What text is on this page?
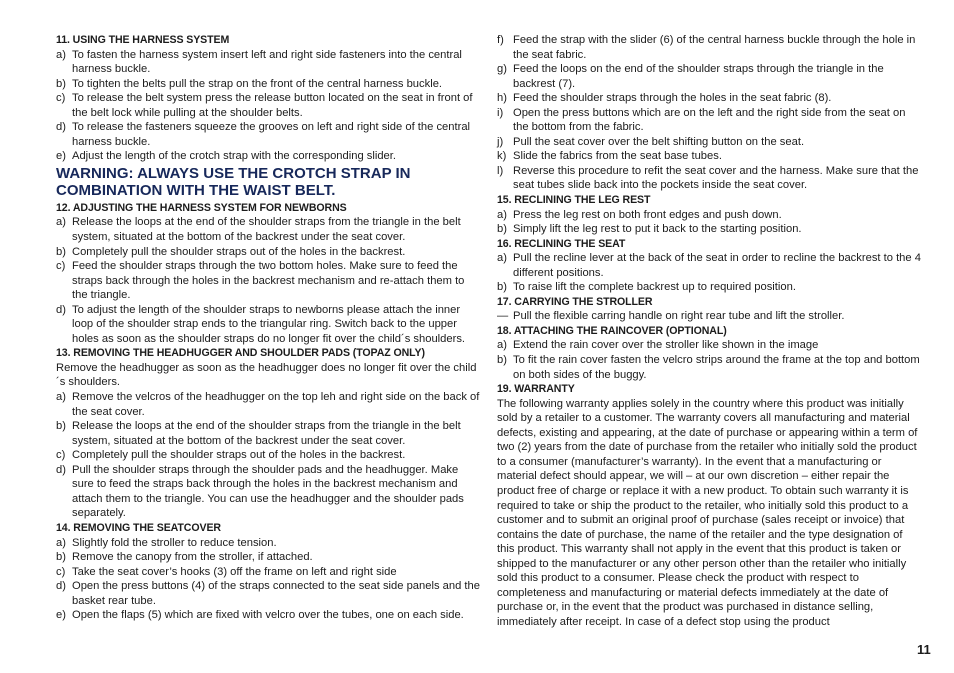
11. USING THE HARNESS SYSTEM
a) To fasten the harness system insert left and right side fasteners into the central harness buckle.
b) To tighten the belts pull the strap on the front of the central harness buckle.
c) To release the belt system press the release button located on the seat in front of the belt lock while pulling at the shoulder belts.
d) To release the fasteners squeeze the grooves on left and right side of the central harness buckle.
e) Adjust the length of the crotch strap with the corresponding slider.
WARNING: ALWAYS USE THE CROTCH STRAP IN COMBINATION WITH THE WAIST BELT.
12. ADJUSTING THE HARNESS SYSTEM FOR NEWBORNS
a) Release the loops at the end of the shoulder straps from the triangle in the belt system, situated at the bottom of the backrest under the seat cover.
b) Completely pull the shoulder straps out of the holes in the backrest.
c) Feed the shoulder straps through the two bottom holes. Make sure to feed the straps back through the holes in the backrest mechanism and re-attach them to the triangle.
d) To adjust the length of the shoulder straps to newborns please attach the inner loop of the shoulder strap ends to the triangular ring. Switch back to the upper holes as soon as the shoulder straps do no longer fit over the child´s shoulders.
13. REMOVING THE HEADHUGGER AND SHOULDER PADS (TOPAZ ONLY)
Remove the headhugger as soon as the headhugger does no longer fit over the child´s shoulders.
a) Remove the velcros of the headhugger on the top leh and right side on the back of the seat cover.
b) Release the loops at the end of the shoulder straps from the triangle in the belt system, situated at the bottom of the backrest under the seat cover.
c) Completely pull the shoulder straps out of the holes in the backrest.
d) Pull the shoulder straps through the shoulder pads and the headhugger. Make sure to feed the straps back through the holes in the backrest mechanism and attach them to the triangle. You can use the headhugger and the shoulder pads separately.
14. REMOVING THE SEATCOVER
a) Slightly fold the stroller to reduce tension.
b) Remove the canopy from the stroller, if attached.
c) Take the seat cover’s hooks (3) off the frame on left and right side
d) Open the press buttons (4) of the straps connected to the seat side panels and the basket rear tube.
e) Open the flaps (5) which are fixed with velcro over the tubes, one on each side.
f) Feed the strap with the slider (6) of the central harness buckle through the hole in the seat fabric.
g) Feed the loops on the end of the shoulder straps through the triangle in the backrest (7).
h) Feed the shoulder straps through the holes in the seat fabric (8).
i) Open the press buttons which are on the left and the right side from the seat on the bottom from the fabric.
j) Pull the seat cover over the belt shifting button on the seat.
k) Slide the fabrics from the seat base tubes.
l) Reverse this procedure to refit the seat cover and the harness. Make sure that the seat tubes slide back into the pockets inside the seat cover.
15. RECLINING THE LEG REST
a) Press the leg rest on both front edges and push down.
b) Simply lift the leg rest to put it back to the starting position.
16. RECLINING THE SEAT
a) Pull the recline lever at the back of the seat in order to recline the backrest to the 4 different positions.
b) To raise lift the complete backrest up to required position.
17. CARRYING THE STROLLER
— Pull the flexible carring handle on right rear tube and lift the stroller.
18. ATTACHING THE RAINCOVER (OPTIONAL)
a) Extend the rain cover over the stroller like shown in the image
b) To fit the rain cover fasten the velcro strips around the frame at the top and bottom on both sides of the buggy.
19. WARRANTY
The following warranty applies solely in the country where this product was initially sold by a retailer to a customer. The warranty covers all manufacturing and material defects, existing and appearing, at the date of purchase or appearing within a term of two (2) years from the date of purchase from the retailer who initially sold the product to a consumer (manufacturer’s warranty). In the event that a manufacturing or material defect should appear, we will – at our own discretion – either repair the product free of charge or replace it with a new product. To obtain such warranty it is required to take or ship the product to the retailer, who initially sold this product to a customer and to submit an original proof of purchase (sales receipt or invoice) that contains the date of purchase, the name of the retailer and the type designation of this product. This warranty shall not apply in the event that this product is taken or shipped to the manufacturer or any other person other than the retailer who initially sold this product to a consumer. Please check the product with respect to completeness and manufacturing or material defects immediately at the date of purchase or, in the event that the product was purchased in distance selling, immediately after receipt. In case of a defect stop using the product
11
